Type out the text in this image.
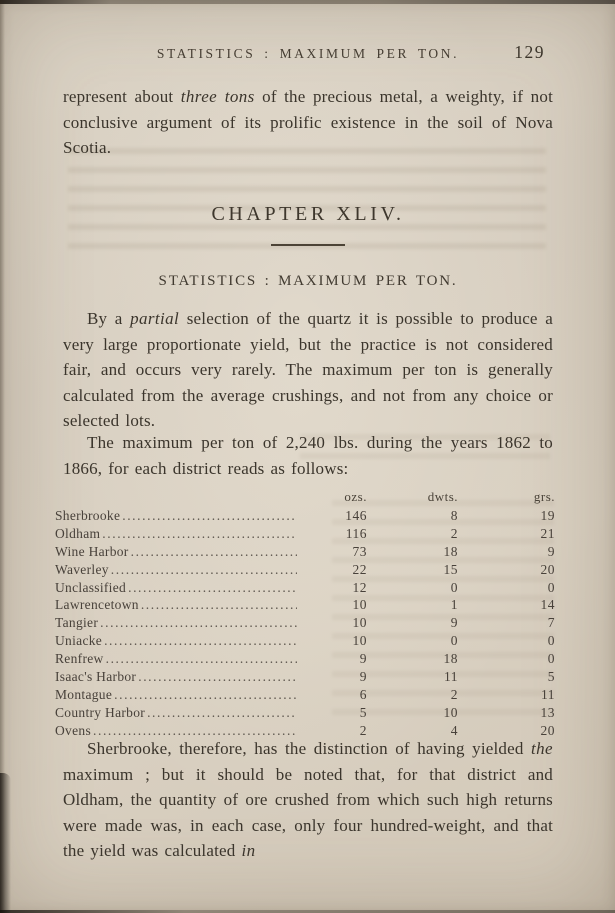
STATISTICS : MAXIMUM PER TON.	129

represent about three tons of the precious metal, a weighty, if not conclusive argument of its prolific existence in the soil of Nova Scotia.

CHAPTER XLIV.
STATISTICS : MAXIMUM PER TON.

By a partial selection of the quartz it is possible to produce a very large proportionate yield, but the practice is not considered fair, and occurs very rarely. The maximum per ton is generally calculated from the average crushings, and not from any choice or selected lots.

The maximum per ton of 2,240 lbs. during the years 1862 to 1866, for each district reads as follows:

ozs.	dwts.	grs.
Sherbrooke .....	146	8	19
Oldham .....	116	2	21
Wine Harbor .....	73	18	9
Waverley .....	22	15	20
Unclassified .....	12	0	0
Lawrencetown .....	10	1	14
Tangier .....	10	9	7
Uniacke .....	10	0	0
Renfrew .....	9	18	0
Isaac's Harbor .....	9	11	5
Montague .....	6	2	11
Country Harbor .....	5	10	13
Ovens .....	2	4	20

Sherbrooke, therefore, has the distinction of having yielded the maximum ; but it should be noted that, for that district and Oldham, the quantity of ore crushed from which such high returns were made was, in each case, only four hundred-weight, and that the yield was calculated in
